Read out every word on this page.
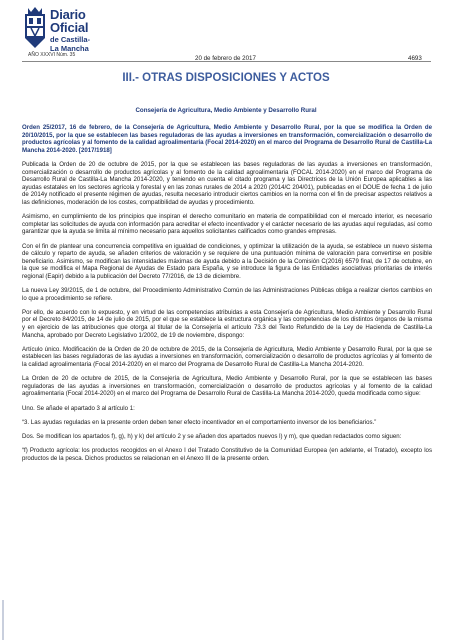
Diario Oficial
de Castilla-La Mancha
AÑO XXXVI Núm. 35	20 de febrero de 2017	4693
III.- OTRAS DISPOSICIONES Y ACTOS
Consejería de Agricultura, Medio Ambiente y Desarrollo Rural

Orden 25/2017, 16 de febrero, de la Consejería de Agricultura, Medio Ambiente y Desarrollo Rural, por la que se modifica la Orden de 20/10/2015, por la que se establecen las bases reguladoras de las ayudas a inversiones en transformación, comercialización o desarrollo de productos agrícolas y al fomento de la calidad agroalimentaria (Focal 2014-2020) en el marco del Programa de Desarrollo Rural de Castilla-La Mancha 2014-2020. [2017/1918]

Publicada la Orden de 20 de octubre de 2015, por la que se establecen las bases reguladoras de las ayudas a inversiones en transformación, comercialización o desarrollo de productos agrícolas y al fomento de la calidad agroalimentaria (FOCAL 2014-2020) en el marco del Programa de Desarrollo Rural de Castilla-La Mancha 2014-2020, y teniendo en cuenta el citado programa y las Directrices de la Unión Europea aplicables a las ayudas estatales en los sectores agrícola y forestal y en las zonas rurales de 2014 a 2020 (2014/C 204/01), publicadas en el DOUE de fecha 1 de julio de 2014y notificado el presente régimen de ayudas, resulta necesario introducir ciertos cambios en la norma con el fin de precisar aspectos relativos a las definiciones, moderación de los costes, compatibilidad de ayudas y procedimiento.

Asimismo, en cumplimiento de los principios que inspiran el derecho comunitario en materia de compatibilidad con el mercado interior, es necesario completar las solicitudes de ayuda con información para acreditar el efecto incentivador y el carácter necesario de las ayudas aquí reguladas, así como garantizar que la ayuda se limita al mínimo necesario para aquellos solicitantes calificados como grandes empresas.

Con el fin de plantear una concurrencia competitiva en igualdad de condiciones, y optimizar la utilización de la ayuda, se establece un nuevo sistema de cálculo y reparto de ayuda, se añaden criterios de valoración y se requiere de una puntuación mínima de valoración para convertirse en posible beneficiario. Asimismo, se modifican las intensidades máximas de ayuda debido a la Decisión de la Comisión C(2016) 6579 final, de 17 de octubre, en la que se modifica el Mapa Regional de Ayudas de Estado para España, y se introduce la figura de las Entidades asociativas prioritarias de interés regional (Eapir) debido a la publicación del Decreto 77/2016, de 13 de diciembre.

La nueva Ley 39/2015, de 1 de octubre, del Procedimiento Administrativo Común de las Administraciones Públicas obliga a realizar ciertos cambios en lo que a procedimiento se refiere.

Por ello, de acuerdo con lo expuesto, y en virtud de las competencias atribuidas a esta Consejería de Agricultura, Medio Ambiente y Desarrollo Rural por el Decreto 84/2015, de 14 de julio de 2015, por el que se establece la estructura orgánica y las competencias de los distintos órganos de la misma y en ejercicio de las atribuciones que otorga al titular de la Consejería el artículo 73.3 del Texto Refundido de la Ley de Hacienda de Castilla-La Mancha, aprobado por Decreto Legislativo 1/2002, de 19 de noviembre, dispongo:

Artículo único. Modificación de la Orden de 20 de octubre de 2015, de la Consejería de Agricultura, Medio Ambiente y Desarrollo Rural, por la que se establecen las bases reguladoras de las ayudas a inversiones en transformación, comercialización o desarrollo de productos agrícolas y al fomento de la calidad agroalimentaria (Focal 2014-2020) en el marco del Programa de Desarrollo Rural de Castilla-La Mancha 2014-2020.

La Orden de 20 de octubre de 2015, de la Consejería de Agricultura, Medio Ambiente y Desarrollo Rural, por la que se establecen las bases reguladoras de las ayudas a inversiones en transformación, comercialización o desarrollo de productos agrícolas y al fomento de la calidad agroalimentaria (Focal 2014-2020) en el marco del Programa de Desarrollo Rural de Castilla-La Mancha 2014-2020, queda modificada como sigue:

Uno. Se añade el apartado 3 al artículo 1:

“3. Las ayudas reguladas en la presente orden deben tener efecto incentivador en el comportamiento inversor de los beneficiarios.”

Dos. Se modifican los apartados f), g), h) y k) del artículo 2 y se añaden dos apartados nuevos l) y m), que quedan redactados como siguen:

“f) Producto agrícola: los productos recogidos en el Anexo I del Tratado Constitutivo de la Comunidad Europea (en adelante, el Tratado), excepto los productos de la pesca. Dichos productos se relacionan en el Anexo III de la presente orden.
